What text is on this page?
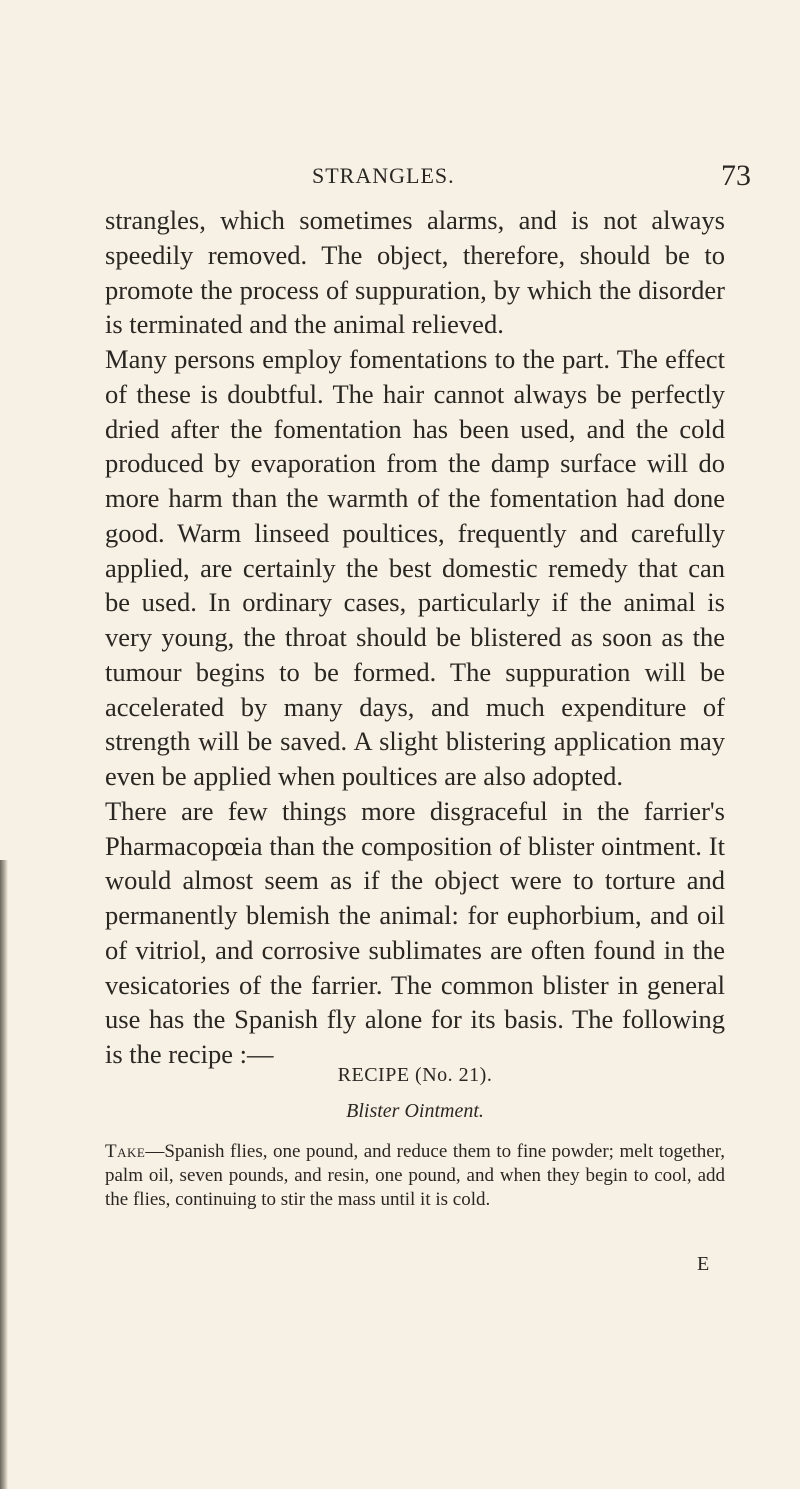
STRANGLES.	73

strangles, which sometimes alarms, and is not always speedily removed. The object, therefore, should be to promote the process of suppuration, by which the disorder is terminated and the animal relieved.

Many persons employ fomentations to the part. The effect of these is doubtful. The hair cannot always be perfectly dried after the fomentation has been used, and the cold produced by evaporation from the damp surface will do more harm than the warmth of the fomentation had done good. Warm linseed poultices, frequently and carefully applied, are certainly the best domestic remedy that can be used. In ordinary cases, particularly if the animal is very young, the throat should be blistered as soon as the tumour begins to be formed. The suppuration will be accelerated by many days, and much expenditure of strength will be saved. A slight blistering application may even be applied when poultices are also adopted.

There are few things more disgraceful in the farrier's Pharmacopœia than the composition of blister ointment. It would almost seem as if the object were to torture and permanently blemish the animal: for euphorbium, and oil of vitriol, and corrosive sublimates are often found in the vesicatories of the farrier. The common blister in general use has the Spanish fly alone for its basis. The following is the recipe :—

RECIPE (No. 21).
Blister Ointment.

Take—Spanish flies, one pound, and reduce them to fine powder; melt together, palm oil, seven pounds, and resin, one pound, and when they begin to cool, add the flies, continuing to stir the mass until it is cold.

E
